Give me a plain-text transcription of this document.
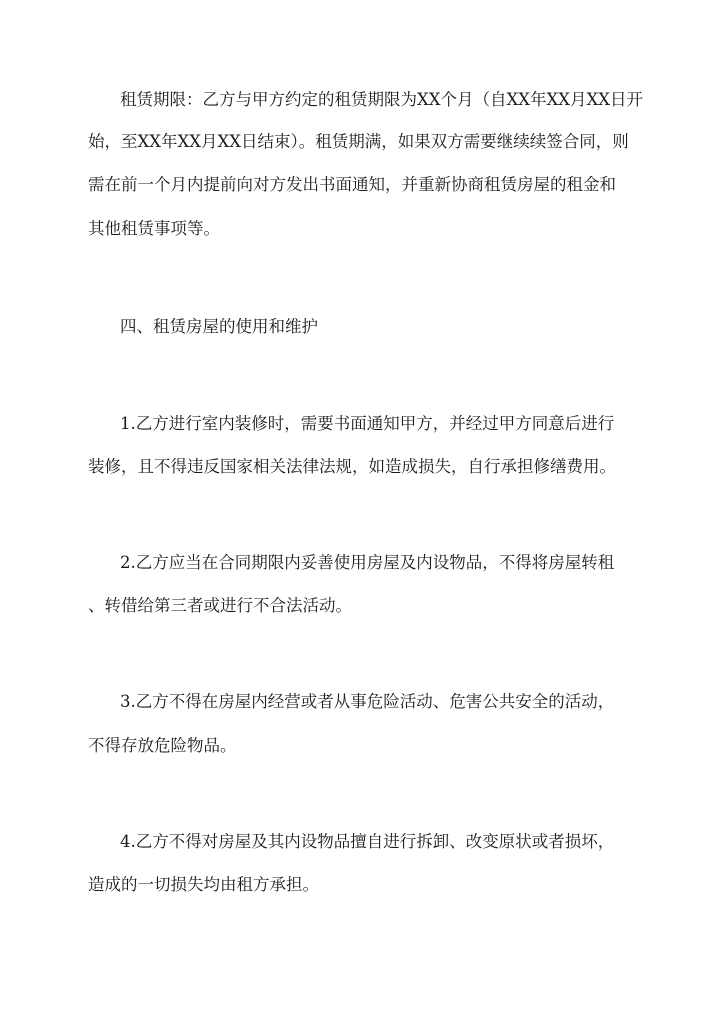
租赁期限：乙方与甲方约定的租赁期限为XX个月（自XX年XX月XX日开

始，至XX年XX月XX日结束）。租赁期满，如果双方需要继续续签合同，则

需在前一个月内提前向对方发出书面通知，并重新协商租赁房屋的租金和

其他租赁事项等。

四、租赁房屋的使用和维护

1.乙方进行室内装修时，需要书面通知甲方，并经过甲方同意后进行

装修，且不得违反国家相关法律法规，如造成损失，自行承担修缮费用。

2.乙方应当在合同期限内妥善使用房屋及内设物品，不得将房屋转租

、转借给第三者或进行不合法活动。

3.乙方不得在房屋内经营或者从事危险活动、危害公共安全的活动，

不得存放危险物品。

4.乙方不得对房屋及其内设物品擅自进行拆卸、改变原状或者损坏，

造成的一切损失均由租方承担。
